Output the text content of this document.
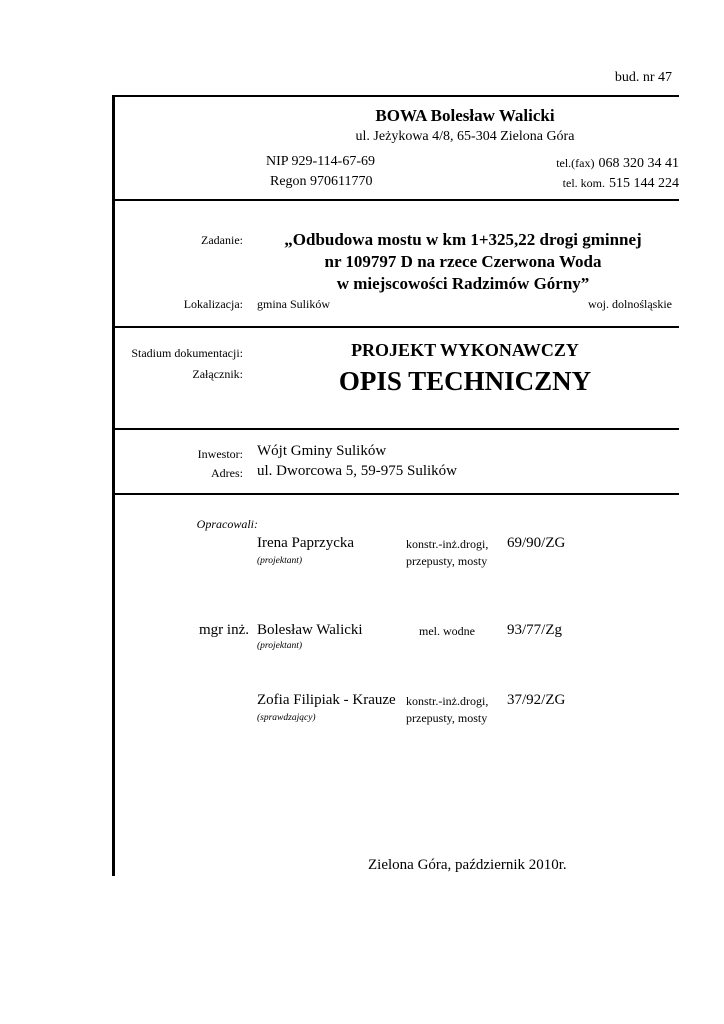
bud. nr 47
BOWA Bolesław Walicki
ul. Jeżykowa 4/8, 65-304 Zielona Góra
NIP 929-114-67-69
Regon 970611770
tel.(fax) 068 320 34 41
tel. kom. 515 144 224
Zadanie:	„Odbudowa mostu w km 1+325,22 drogi gminnej
nr 109797 D na rzece Czerwona Woda
w miejscowości Radzimów Górny”
Lokalizacja: gmina Sulików	woj. dolnośląskie
Stadium dokumentacji:
Załącznik:
PROJEKT WYKONAWCZY
OPIS TECHNICZNY
Inwestor: Wójt Gminy Sulików
Adres: ul. Dworcowa 5, 59-975 Sulików
Opracowali:
Irena Paprzycka
(projektant)
konstr.-inż.drogi,
przepusty, mosty
69/90/ZG
mgr inż. Bolesław Walicki
(projektant)
mel. wodne 93/77/Zg
Zofia Filipiak - Krauze
(sprawdzający)
konstr.-inż.drogi,
przepusty, mosty
37/92/ZG
Zielona Góra, październik 2010r.
